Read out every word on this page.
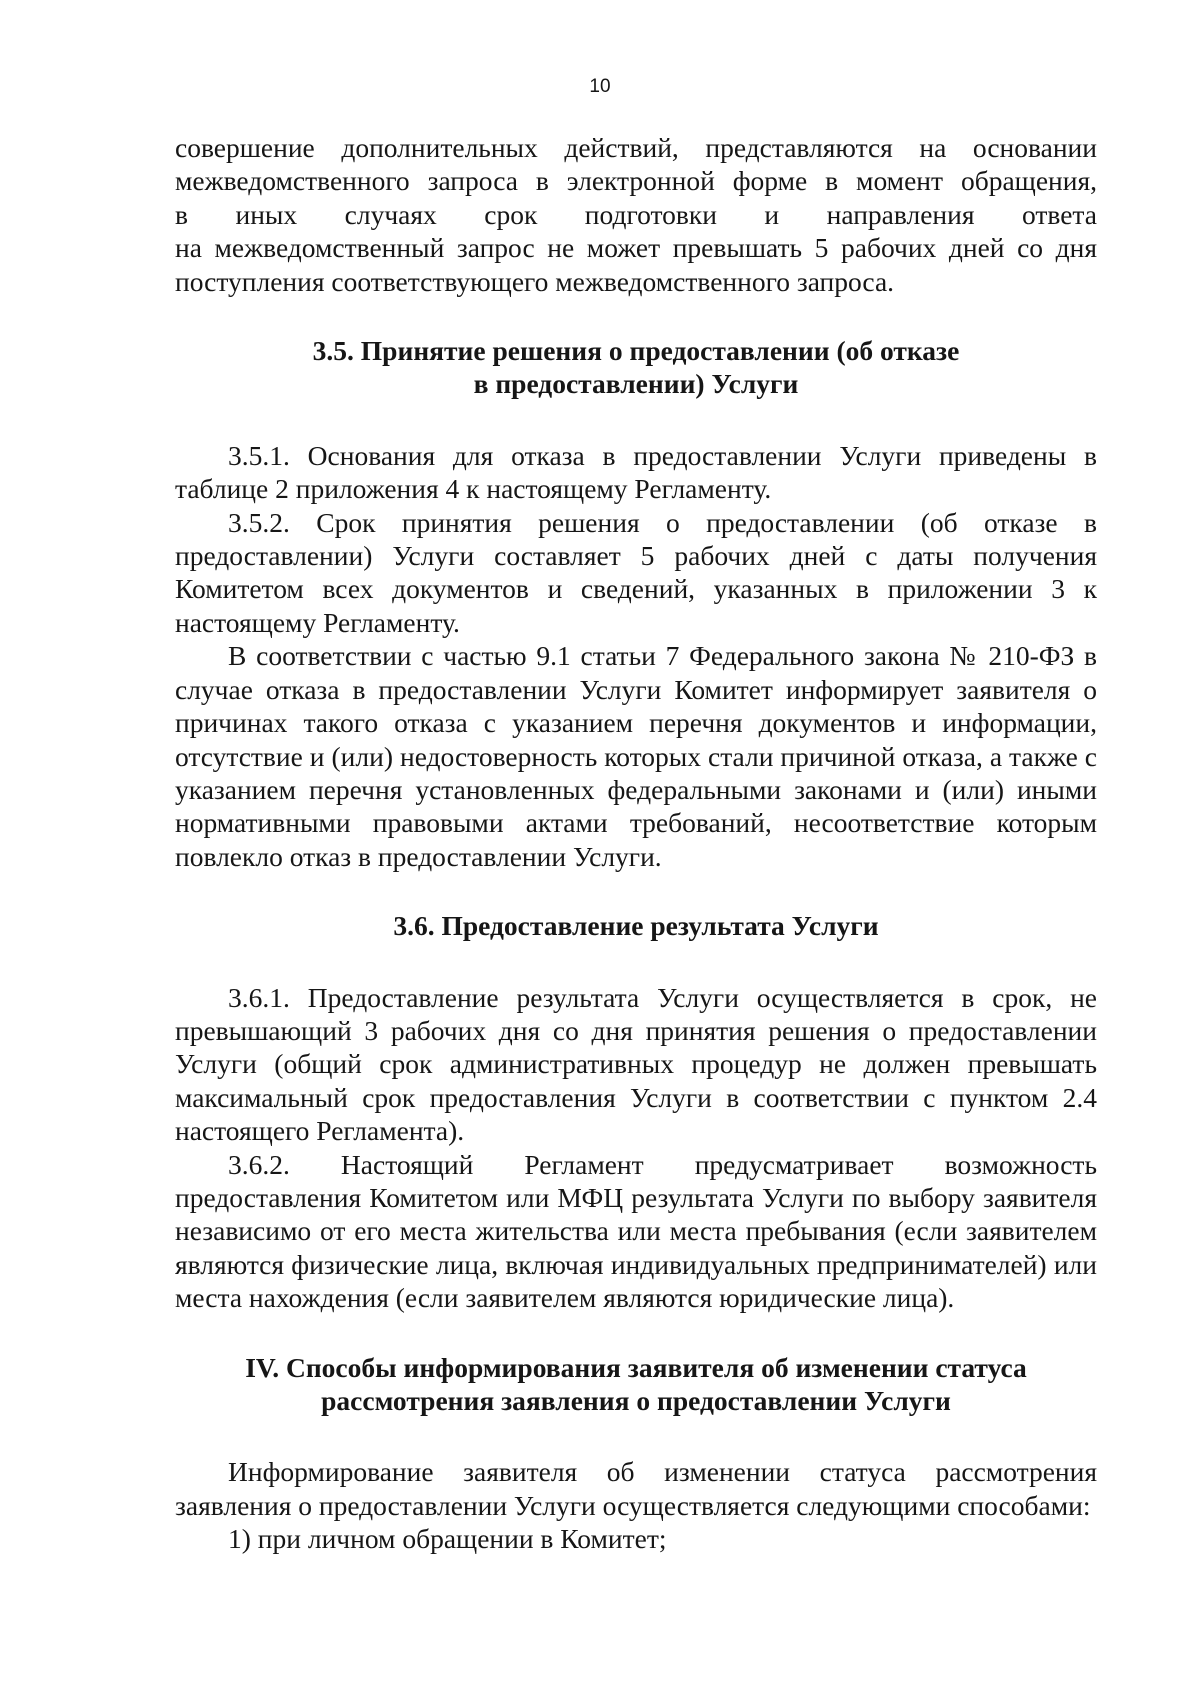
10

совершение дополнительных действий, представляются на основании
межведомственного запроса в электронной форме в момент обращения,
в иных случаях срок подготовки и направления ответа
на межведомственный запрос не может превышать 5 рабочих дней со дня поступления соответствующего межведомственного запроса.

3.5. Принятие решения о предоставлении (об отказе
в предоставлении) Услуги

3.5.1. Основания для отказа в предоставлении Услуги приведены в таблице 2 приложения 4 к настоящему Регламенту.

3.5.2. Срок принятия решения о предоставлении (об отказе в предоставлении) Услуги составляет 5 рабочих дней с даты получения Комитетом всех документов и сведений, указанных в приложении 3 к настоящему Регламенту.

В соответствии с частью 9.1 статьи 7 Федерального закона № 210-ФЗ в случае отказа в предоставлении Услуги Комитет информирует заявителя о причинах такого отказа с указанием перечня документов и информации, отсутствие и (или) недостоверность которых стали причиной отказа, а также с указанием перечня установленных федеральными законами и (или) иными нормативными правовыми актами требований, несоответствие которым повлекло отказ в предоставлении Услуги.

3.6. Предоставление результата Услуги

3.6.1. Предоставление результата Услуги осуществляется в срок, не превышающий 3 рабочих дня со дня принятия решения о предоставлении Услуги (общий срок административных процедур не должен превышать максимальный срок предоставления Услуги в соответствии с пунктом 2.4 настоящего Регламента).

3.6.2. Настоящий Регламент предусматривает возможность предоставления Комитетом или МФЦ результата Услуги по выбору заявителя независимо от его места жительства или места пребывания (если заявителем являются физические лица, включая индивидуальных предпринимателей) или места нахождения (если заявителем являются юридические лица).

IV. Способы информирования заявителя об изменении статуса
рассмотрения заявления о предоставлении Услуги

Информирование заявителя об изменении статуса рассмотрения заявления о предоставлении Услуги осуществляется следующими способами:

1) при личном обращении в Комитет;
